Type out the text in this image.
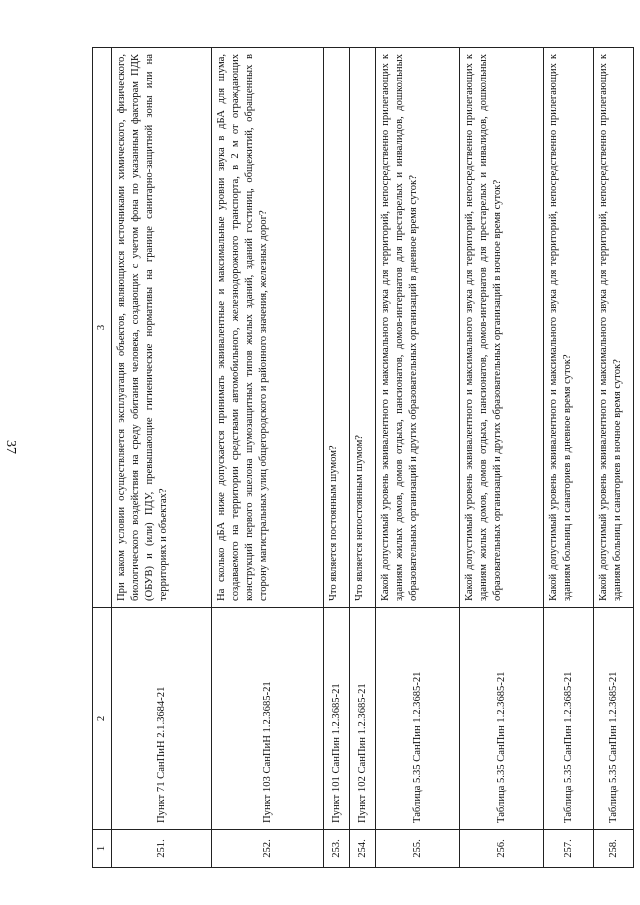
37
1	2	3
251.	Пункт 71 СанПиН 2.1.3684-21	При каком условии осуществляется эксплуатация объектов, являющихся источниками химического, физического, биологического воздействия на среду обитания человека, создающих с учетом фона по указанным факторам ПДК (ОБУВ) и (или) ПДУ, превышающие гигиенические нормативы на границе санитарно-защитной зоны или на территориях и объектах?
252.	Пункт 103 СанПиН 1.2.3685-21	На сколько дБА ниже допускается принимать эквивалентные и максимальные уровни звука в дБА для шума, создаваемого на территории средствами автомобильного, железнодорожного транспорта, в 2 м от ограждающих конструкций первого эшелона шумозащитных типов жилых зданий, зданий гостиниц, общежитий, обращенных в сторону магистральных улиц общегородского и районного значения, железных дорог?
253.	Пункт 101 СанПин 1.2.3685-21	Что является постоянным шумом?
254.	Пункт 102 СанПин 1.2.3685-21	Что является непостоянным шумом?
255.	Таблица 5.35 СанПин 1.2.3685-21	Какой допустимый уровень эквивалентного и максимального звука для территорий, непосредственно прилегающих к зданиям жилых домов, домов отдыха, пансионатов, домов-интернатов для престарелых и инвалидов, дошкольных образовательных организаций и других образовательных организаций в дневное время суток?
256.	Таблица 5.35 СанПин 1.2.3685-21	Какой допустимый уровень эквивалентного и максимального звука для территорий, непосредственно прилегающих к зданиям жилых домов, домов отдыха, пансионатов, домов-интернатов для престарелых и инвалидов, дошкольных образовательных организаций и других образовательных организаций в ночное время суток?
257.	Таблица 5.35 СанПин 1.2.3685-21	Какой допустимый уровень эквивалентного и максимального звука для территорий, непосредственно прилегающих к зданиям больниц и санаториев в дневное время суток?
258.	Таблица 5.35 СанПин 1.2.3685-21	Какой допустимый уровень эквивалентного и максимального звука для территорий, непосредственно прилегающих к зданиям больниц и санаториев в ночное время суток?
